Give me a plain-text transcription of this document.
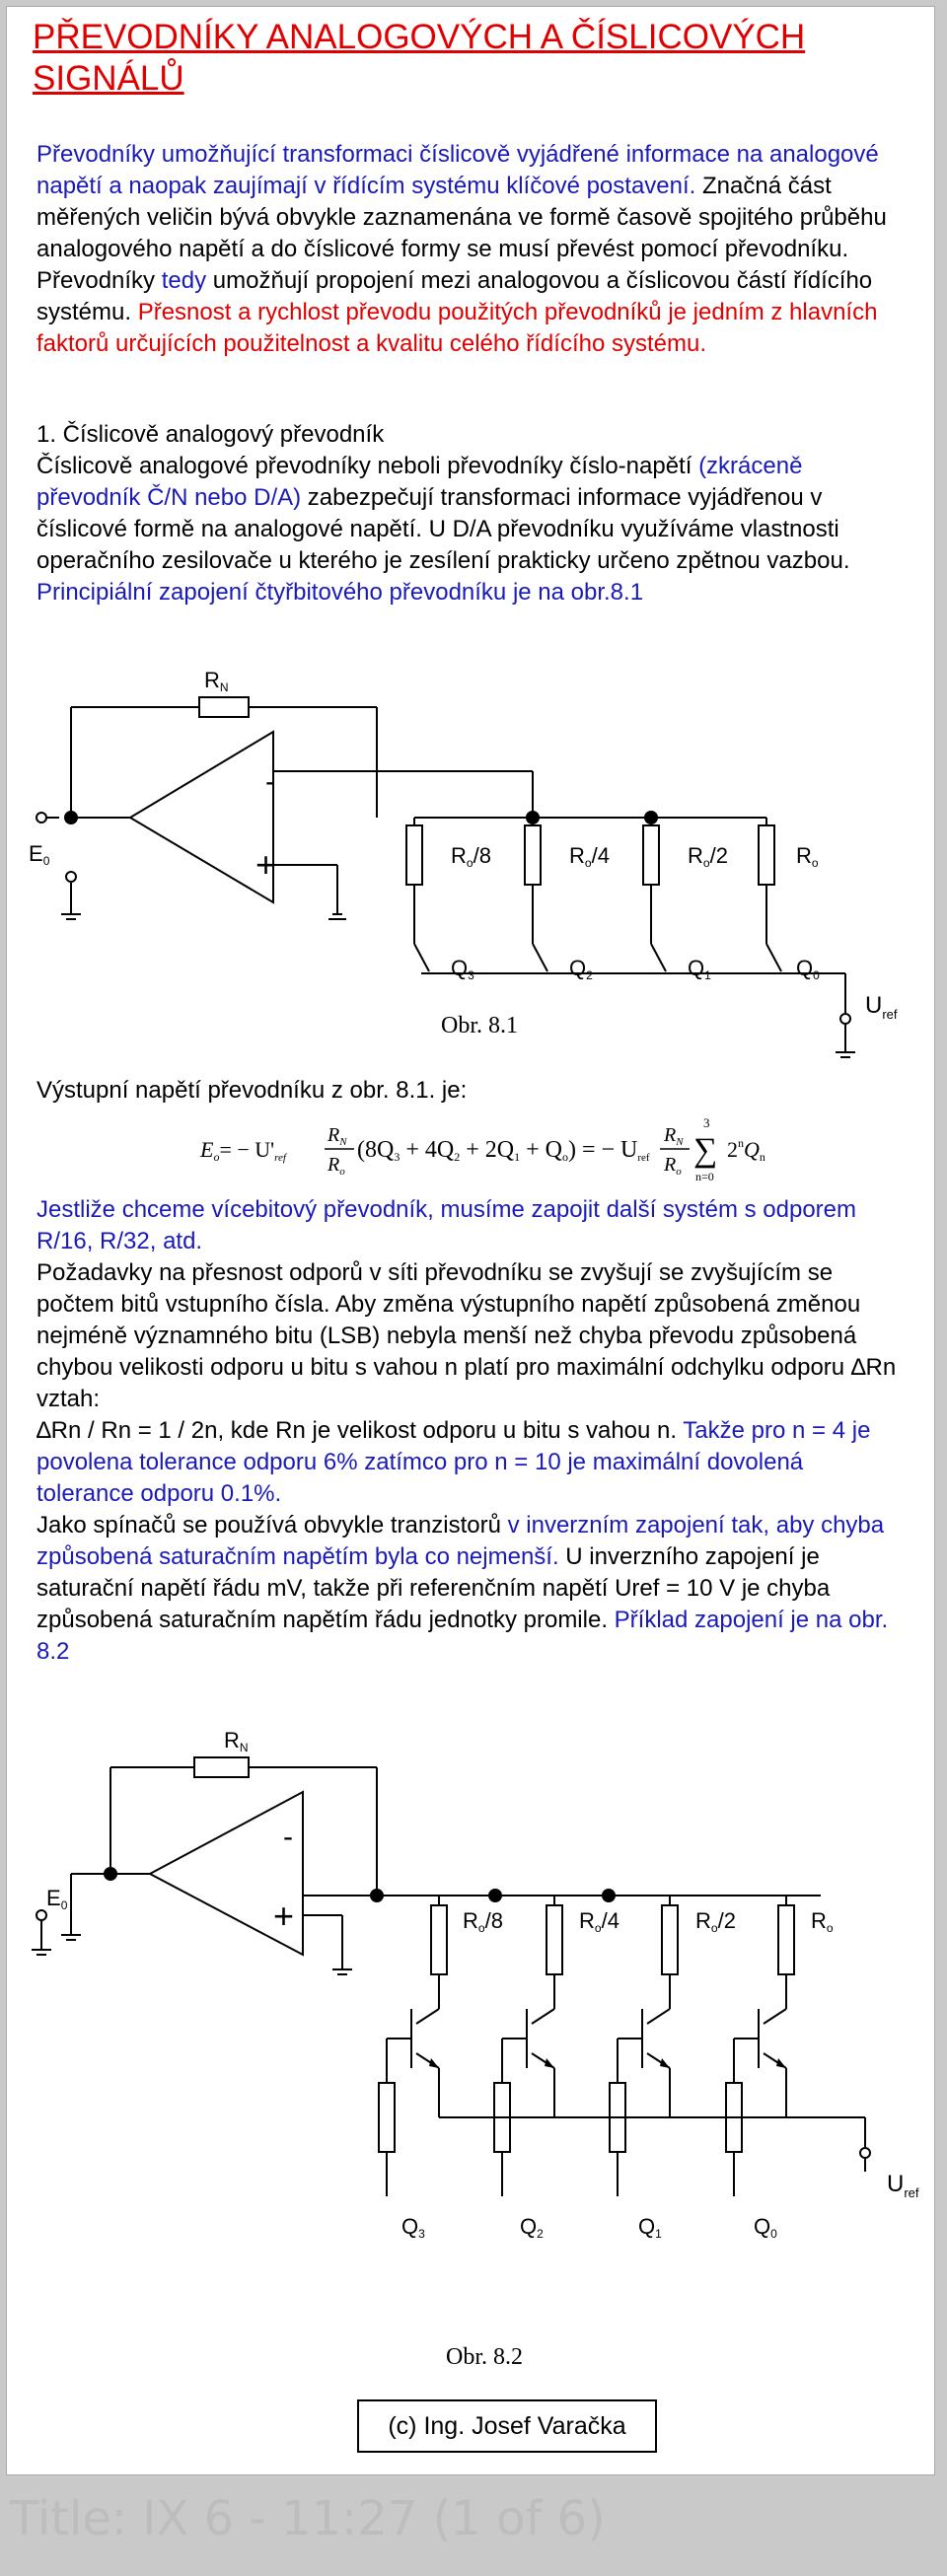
PŘEVODNÍKY ANALOGOVÝCH A ČÍSLICOVÝCH SIGNÁLŮ
Převodníky umožňující transformaci číslicově vyjádřené informace na analogové napětí a naopak zaujímají v řídícím systému klíčové postavení. Značná část měřených veličin bývá obvykle zaznamenána ve formě časově spojitého průběhu analogového napětí a do číslicové formy se musí převést pomocí převodníku. Převodníky tedy umožňují propojení mezi analogovou a číslicovou částí řídícího systému. Přesnost a rychlost převodu použitých převodníků je jedním z hlavních faktorů určujících použitelnost a kvalitu celého řídícího systému.
1. Číslicově analogový převodník
Číslicově analogové převodníky neboli převodníky číslo-napětí (zkráceně převodník Č/N nebo D/A) zabezpečují transformaci informace vyjádřenou v číslicové formě na analogové napětí. U D/A převodníku využíváme vlastnosti operačního zesilovače u kterého je zesílení prakticky určeno zpětnou vazbou. Principiální zapojení čtyřbitového převodníku je na obr.8.1
RN
-
+
E0	Ro/8	Ro/4	Ro/2	Ro
Q3	Q2	Q1	Q0
$U_{ref}$
Obr. 8.1
Výstupní napětí převodníku z obr. 8.1. je:
Eo= − U'ref
$R_N$
$R_o$
(8Q3 + 4Q2 + 2Q1 + Qo) = − Uref
$R_N$
$R_o$
3
∑
n=0
2$^n$Qn
Jestliže chceme vícebitový převodník, musíme zapojit další systém s odporem R/16, R/32, atd.
Požadavky na přesnost odporů v síti převodníku se zvyšují se zvyšujícím se počtem bitů vstupního čísla. Aby změna výstupního napětí způsobená změnou nejméně významného bitu (LSB) nebyla menší než chyba převodu způsobená chybou velikosti odporu u bitu s vahou n platí pro maximální odchylku odporu ∆Rn vztah:
∆Rn / Rn = 1 / 2n, kde Rn je velikost odporu u bitu s vahou n. Takže pro n = 4 je povolena tolerance odporu 6% zatímco pro n = 10 je maximální dovolená tolerance odporu 0.1%.
Jako spínačů se používá obvykle tranzistorů v inverzním zapojení tak, aby chyba způsobená saturačním napětím byla co nejmenší. U inverzního zapojení je saturační napětí řádu mV, takže při referenčním napětí Uref = 10 V je chyba způsobená saturačním napětím řádu jednotky promile. Příklad zapojení je na obr. 8.2
RN
-
+
E0
Ro/8	Ro/4	Ro/2	Ro
Q3	Q2	Q1	Q0
$U_{ref}$
Obr. 8.2
(c) Ing. Josef Varačka
Title: IX 6 - 11:27 (1 of 6)
